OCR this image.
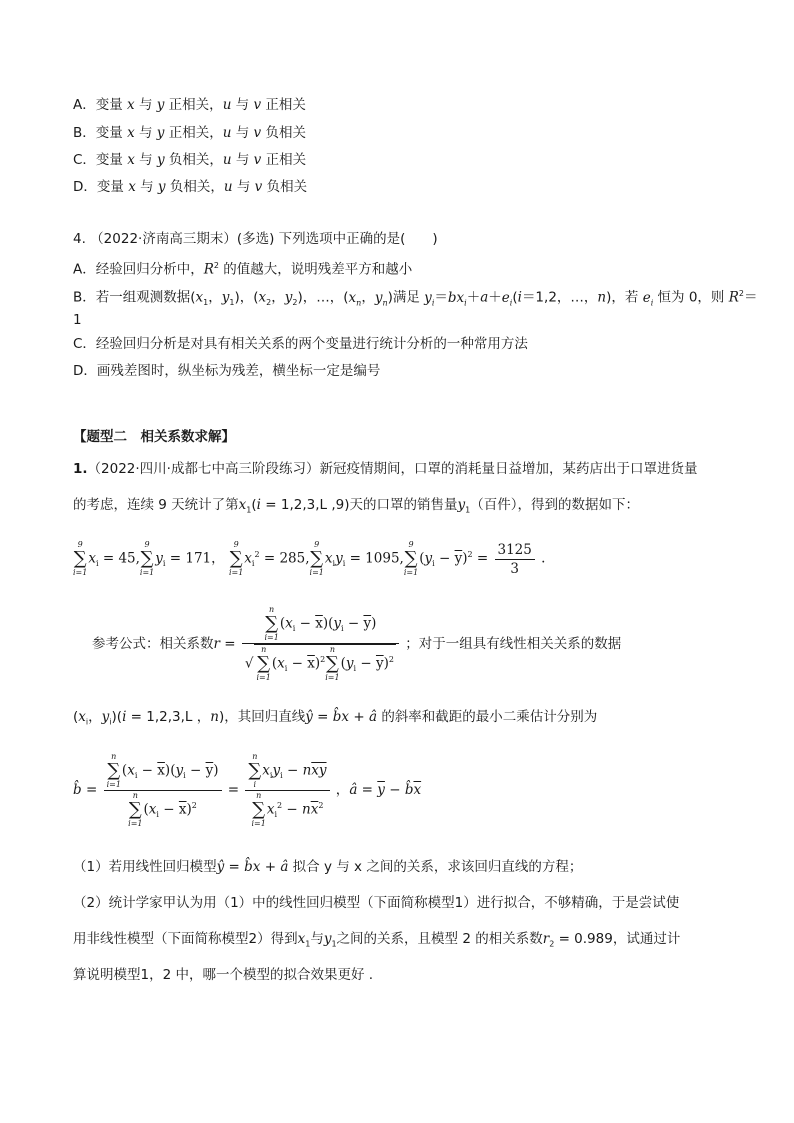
A．变量 x 与 y 正相关，u 与 v 正相关
B．变量 x 与 y 正相关，u 与 v 负相关
C．变量 x 与 y 负相关，u 与 v 正相关
D．变量 x 与 y 负相关，u 与 v 负相关
4. （2022·济南高三期末）(多选) 下列选项中正确的是(　　)
A．经验回归分析中，$R^2$ 的值越大，说明残差平方和越小
B．若一组观测数据($x_1$，$y_1$)，($x_2$，$y_2$)，…，($x_n$，$y_n$)满足 $y_i=bx_i+a+e_i(i=1,2$，…，n)，若 $e_i$ 恒为 0，则 $R^2=$
1
C．经验回归分析是对具有相关关系的两个变量进行统计分析的一种常用方法
D．画残差图时，纵坐标为残差，横坐标一定是编号
【题型二　相关系数求解】
1.（2022·四川·成都七中高三阶段练习）新冠疫情期间，口罩的消耗量日益增加，某药店出于口罩进货量
的考虑，连续 9 天统计了第$x_1(i = 1,2,3,L$ ,9)天的口罩的销售量$y_1$（百件），得到的数据如下：
9
∑
i=1
$x_i = 45$,
9
∑
i=1
$y_i = 171$，
9
∑
i=1
$x_i^2 = 285$,
9
∑
i=1
$x_iy_i = 1095$,
9
∑
i=1
$(y_i - \overline{y})^2 = \frac{3125}{3}$ .
参考公式：相关系数r = n
∑
i=1
$(x_i - \overline{x})(y_i - \overline{y})$
√
n
∑
i=1
$(x_i - \overline{x})^2$
n
∑
i=1
$(y_i - \overline{y})^2$ ；对于一组具有线性相关关系的数据
($x_i$，$y_i)(i = 1,2,3,L$ ，n)，其回归直线ŷ = b̂x + â 的斜率和截距的最小二乘估计分别为
b̂ = n
∑
i=1
$(x_i - \overline{x})(y_i - \overline{y})$
n
∑
i=1
$(x_i - \overline{x})^2 = n$
∑
i
$x_iy_i - n\overline{xy}$
n
∑
i=1
$x_i^2 - n\overline{x}^2$ ，â = $\overline{y}$ − $b̂\overline{x}$
（1）若用线性回归模型ŷ = b̂x + â 拟合 y 与 x 之间的关系，求该回归直线的方程；
（2）统计学家甲认为用（1）中的线性回归模型（下面简称模型1）进行拟合，不够精确，于是尝试使
用非线性模型（下面简称模型2）得到$x_1$与$y_1$之间的关系，且模型 2 的相关系数$r_2 = 0.989$，试通过计
算说明模型1，2 中，哪一个模型的拟合效果更好 .
